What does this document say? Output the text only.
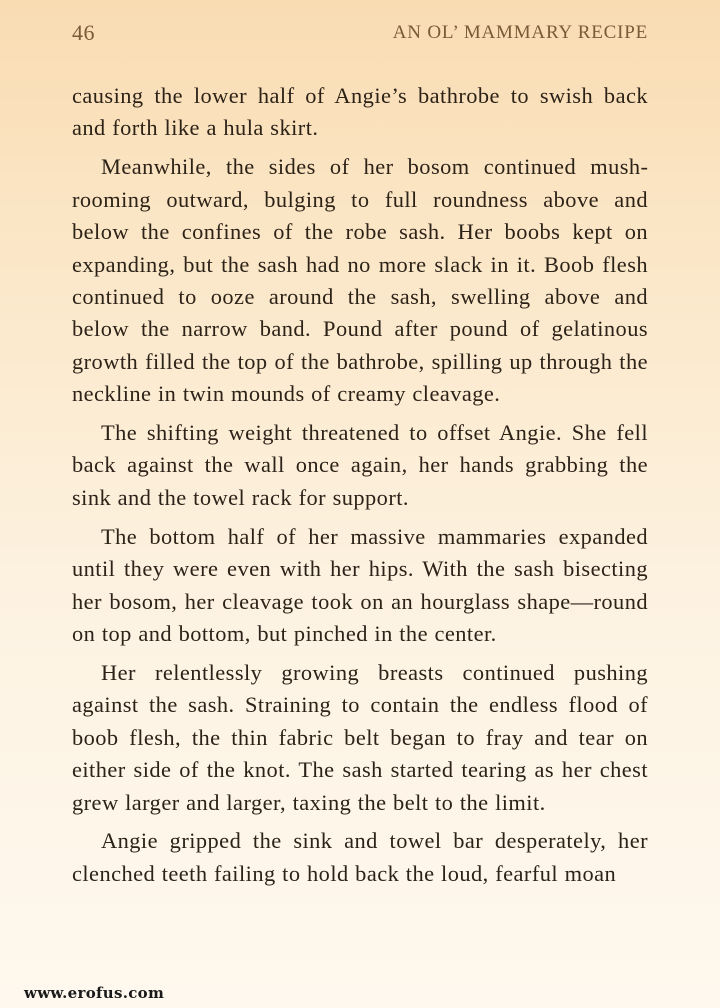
46	AN OL’ MAMMARY RECIPE

causing the lower half of Angie’s bathrobe to swish back and forth like a hula skirt.

Meanwhile, the sides of her bosom continued mushrooming outward, bulging to full roundness above and below the confines of the robe sash. Her boobs kept on expanding, but the sash had no more slack in it. Boob flesh continued to ooze around the sash, swelling above and below the narrow band. Pound after pound of gelatinous growth filled the top of the bathrobe, spilling up through the neckline in twin mounds of creamy cleavage.

The shifting weight threatened to offset Angie. She fell back against the wall once again, her hands grabbing the sink and the towel rack for support.

The bottom half of her massive mammaries expanded until they were even with her hips. With the sash bisecting her bosom, her cleavage took on an hourglass shape—round on top and bottom, but pinched in the center.

Her relentlessly growing breasts continued pushing against the sash. Straining to contain the endless flood of boob flesh, the thin fabric belt began to fray and tear on either side of the knot. The sash started tearing as her chest grew larger and larger, taxing the belt to the limit.

Angie gripped the sink and towel bar desperately, her clenched teeth failing to hold back the loud, fearful moan

www.erofus.com
